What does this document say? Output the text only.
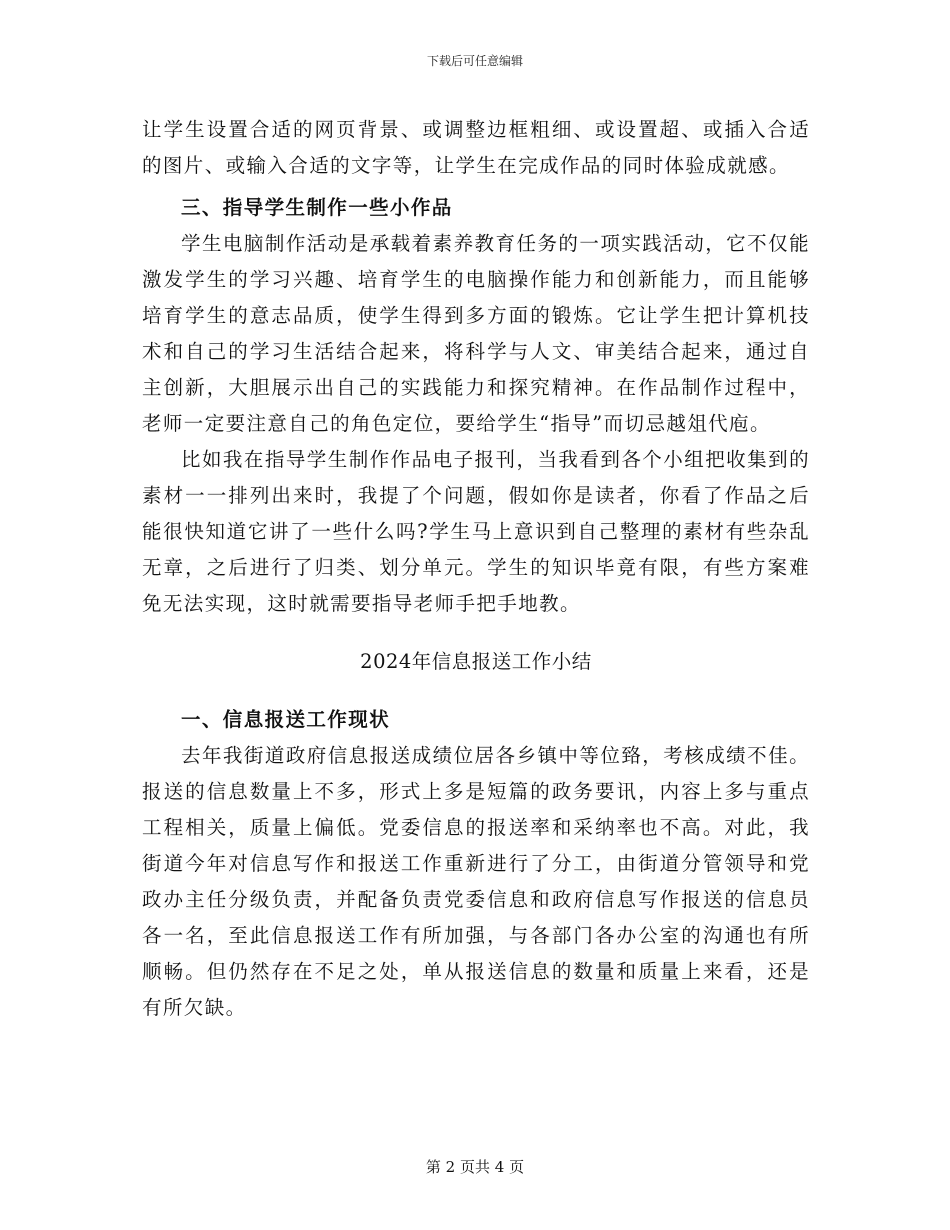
下载后可任意编辑

让学生设置合适的网页背景、或调整边框粗细、或设置超、或插入合适的图片、或输入合适的文字等，让学生在完成作品的同时体验成就感。

三、指导学生制作一些小作品

学生电脑制作活动是承载着素养教育任务的一项实践活动，它不仅能激发学生的学习兴趣、培育学生的电脑操作能力和创新能力，而且能够培育学生的意志品质，使学生得到多方面的锻炼。它让学生把计算机技术和自己的学习生活结合起来，将科学与人文、审美结合起来，通过自主创新，大胆展示出自己的实践能力和探究精神。在作品制作过程中，老师一定要注意自己的角色定位，要给学生“指导”而切忌越俎代庖。

比如我在指导学生制作作品电子报刊，当我看到各个小组把收集到的素材一一排列出来时，我提了个问题，假如你是读者，你看了作品之后能很快知道它讲了一些什么吗?学生马上意识到自己整理的素材有些杂乱无章，之后进行了归类、划分单元。学生的知识毕竟有限，有些方案难免无法实现，这时就需要指导老师手把手地教。

2024年信息报送工作小结

一、信息报送工作现状

去年我街道政府信息报送成绩位居各乡镇中等位臵，考核成绩不佳。报送的信息数量上不多，形式上多是短篇的政务要讯，内容上多与重点工程相关，质量上偏低。党委信息的报送率和采纳率也不高。对此，我街道今年对信息写作和报送工作重新进行了分工，由街道分管领导和党政办主任分级负责，并配备负责党委信息和政府信息写作报送的信息员各一名，至此信息报送工作有所加强，与各部门各办公室的沟通也有所顺畅。但仍然存在不足之处，单从报送信息的数量和质量上来看，还是有所欠缺。

第 2 页共 4 页
